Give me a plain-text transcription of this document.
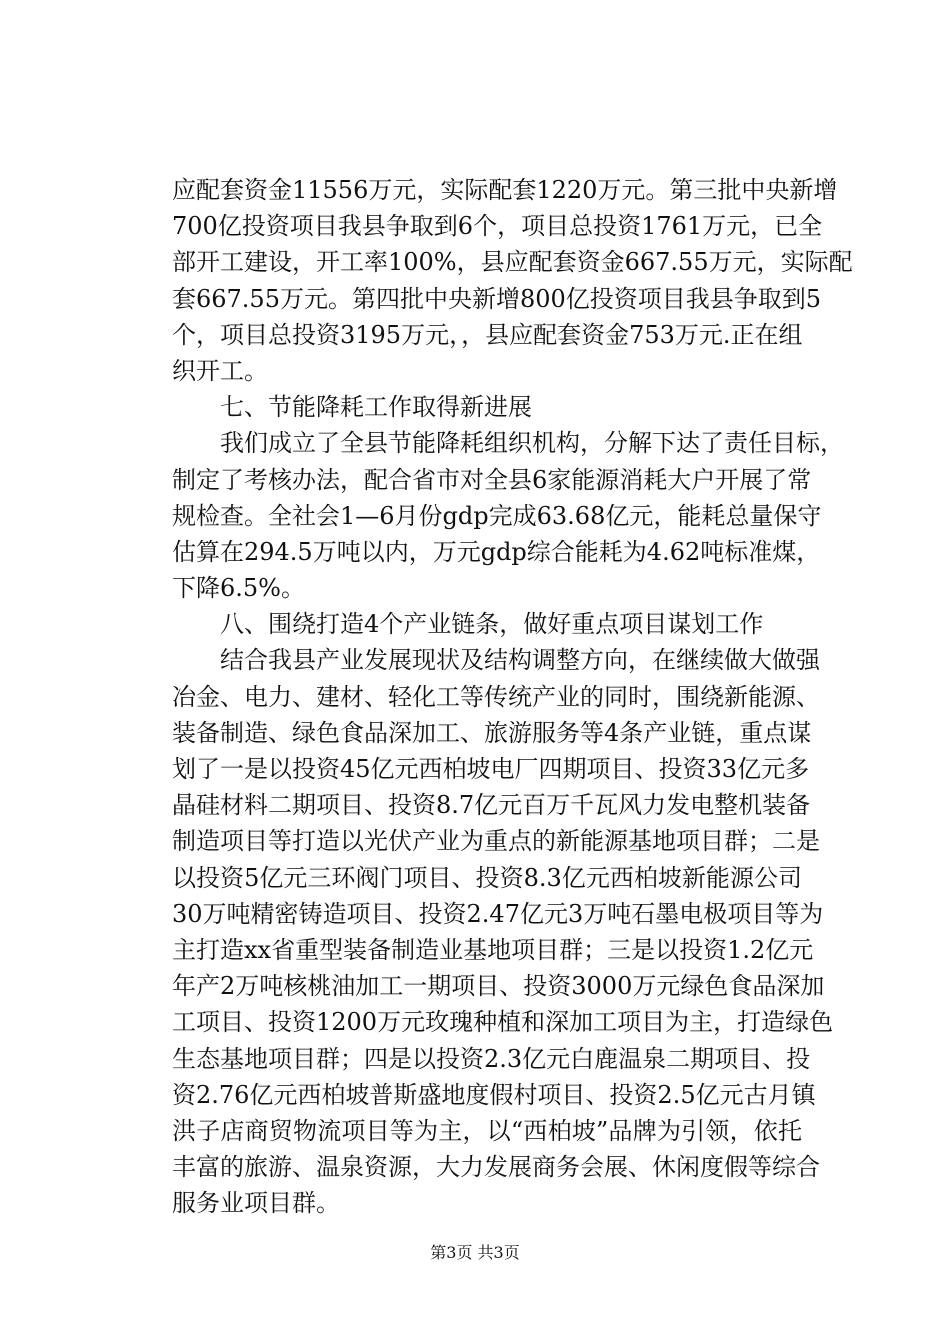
应配套资金11556万元，实际配套1220万元。第三批中央新增
700亿投资项目我县争取到6个，项目总投资1761万元，已全
部开工建设，开工率100%，县应配套资金667.55万元，实际配
套667.55万元。第四批中央新增800亿投资项目我县争取到5
个，项目总投资3195万元，，县应配套资金753万元.正在组
织开工。
　　七、节能降耗工作取得新进展
　　我们成立了全县节能降耗组织机构，分解下达了责任目标，
制定了考核办法，配合省市对全县6家能源消耗大户开展了常
规检查。全社会1—6月份gdp完成63.68亿元，能耗总量保守
估算在294.5万吨以内，万元gdp综合能耗为4.62吨标准煤，
下降6.5%。
　　八、围绕打造4个产业链条，做好重点项目谋划工作
　　结合我县产业发展现状及结构调整方向，在继续做大做强
冶金、电力、建材、轻化工等传统产业的同时，围绕新能源、
装备制造、绿色食品深加工、旅游服务等4条产业链，重点谋
划了一是以投资45亿元西柏坡电厂四期项目、投资33亿元多
晶硅材料二期项目、投资8.7亿元百万千瓦风力发电整机装备
制造项目等打造以光伏产业为重点的新能源基地项目群；二是
以投资5亿元三环阀门项目、投资8.3亿元西柏坡新能源公司
30万吨精密铸造项目、投资2.47亿元3万吨石墨电极项目等为
主打造xx省重型装备制造业基地项目群；三是以投资1.2亿元
年产2万吨核桃油加工一期项目、投资3000万元绿色食品深加
工项目、投资1200万元玫瑰种植和深加工项目为主，打造绿色
生态基地项目群；四是以投资2.3亿元白鹿温泉二期项目、投
资2.76亿元西柏坡普斯盛地度假村项目、投资2.5亿元古月镇
洪子店商贸物流项目等为主，以“西柏坡”品牌为引领，依托
丰富的旅游、温泉资源，大力发展商务会展、休闲度假等综合
服务业项目群。
第3页 共3页
